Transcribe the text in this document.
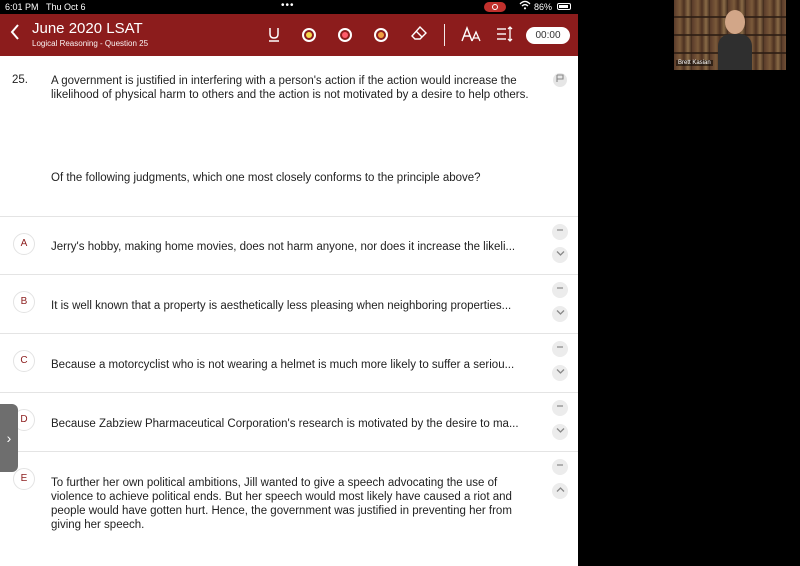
6:01 PM Thu Oct 6	•••	86%
June 2020 LSAT
Logical Reasoning - Question 25
00:00
25. A government is justified in interfering with a person's action if the action would increase the likelihood of physical harm to others and the action is not motivated by a desire to help others.
Of the following judgments, which one most closely conforms to the principle above?
A	Jerry's hobby, making home movies, does not harm anyone, nor does it increase the likeli...
B	It is well known that a property is aesthetically less pleasing when neighboring properties...
C	Because a motorcyclist who is not wearing a helmet is much more likely to suffer a seriou...
D	Because Zabziew Pharmaceutical Corporation's research is motivated by the desire to ma...
E	To further her own political ambitions, Jill wanted to give a speech advocating the use of violence to achieve political ends. But her speech would most likely have caused a riot and people would have gotten hurt. Hence, the government was justified in preventing her from giving her speech.
›
Brett Kasian
